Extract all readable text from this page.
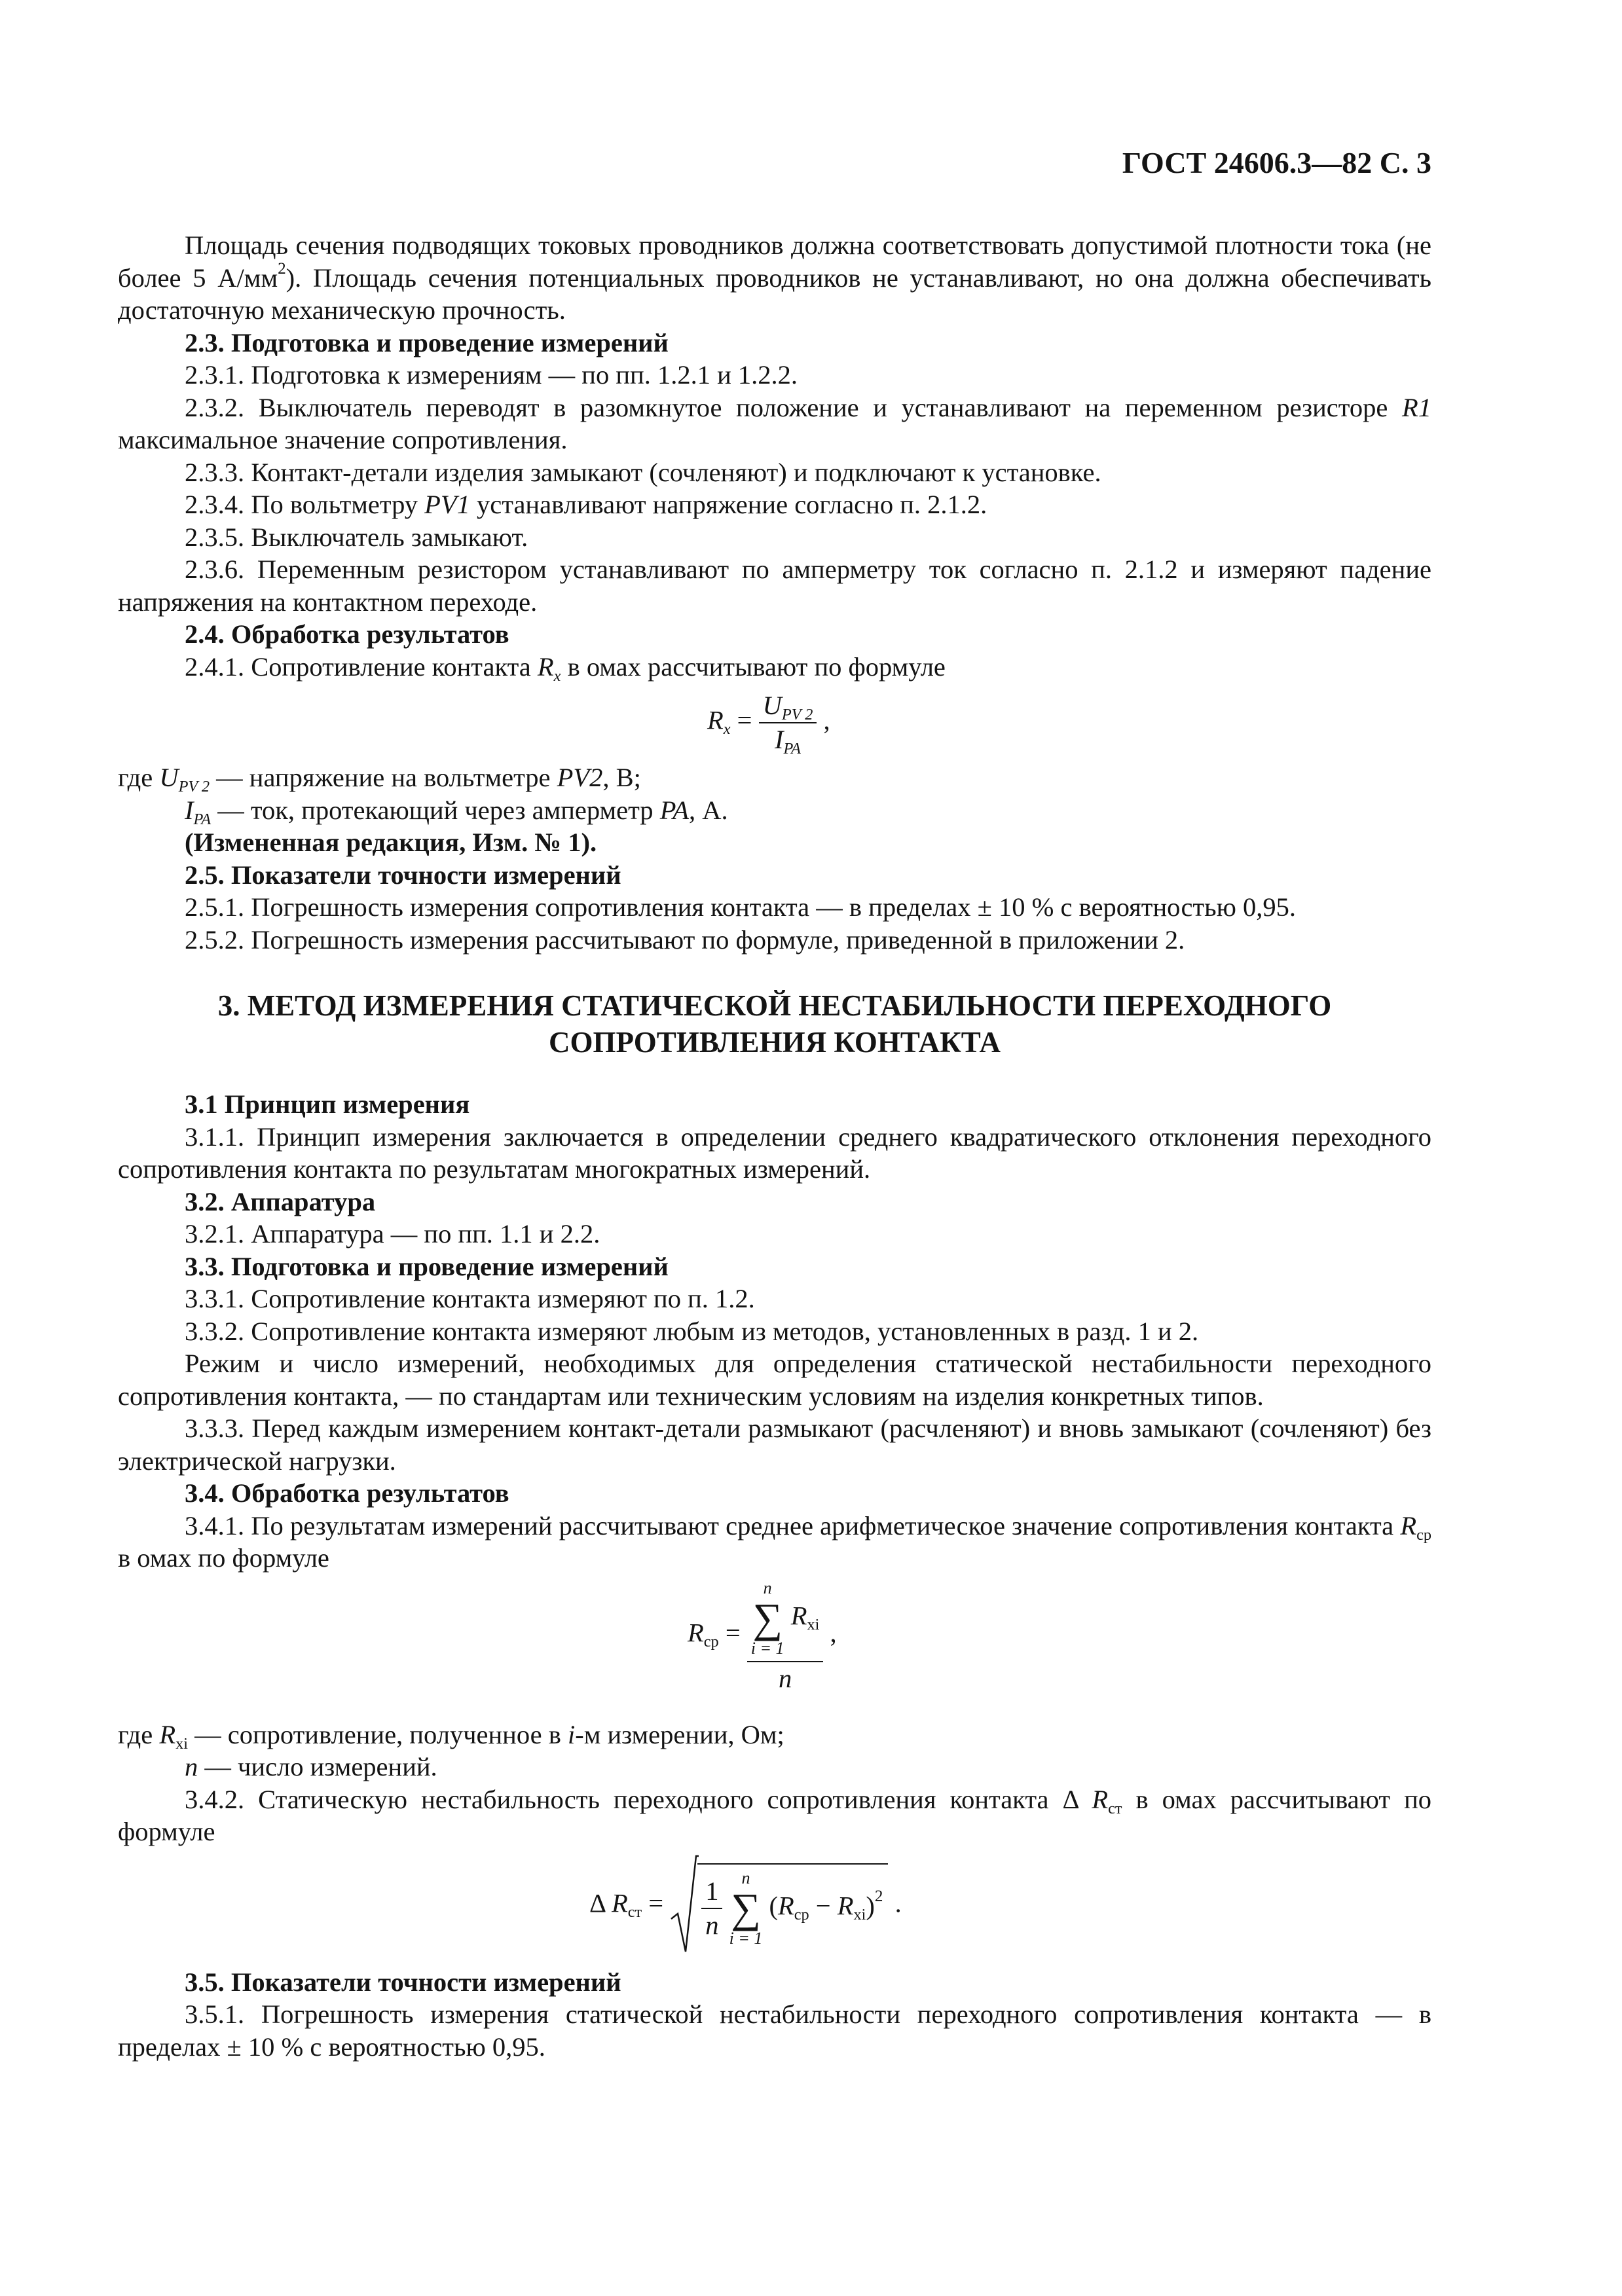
ГОСТ 24606.3—82 С. 3

Площадь сечения подводящих токовых проводников должна соответствовать допустимой плотности тока (не более 5 $А/мм^2$). Площадь сечения потенциальных проводников не устанавливают, но она должна обеспечивать достаточную механическую прочность.

2.3. Подготовка и проведение измерений

2.3.1. Подготовка к измерениям — по пп. 1.2.1 и 1.2.2.

2.3.2. Выключатель переводят в разомкнутое положение и устанавливают на переменном резисторе R1 максимальное значение сопротивления.

2.3.3. Контакт-детали изделия замыкают (сочленяют) и подключают к установке.

2.3.4. По вольтметру PV1 устанавливают напряжение согласно п. 2.1.2.

2.3.5. Выключатель замыкают.

2.3.6. Переменным резистором устанавливают по амперметру ток согласно п. 2.1.2 и измеряют падение напряжения на контактном переходе.

2.4. Обработка результатов

2.4.1. Сопротивление контакта Rx в омах рассчитывают по формуле

$Rx = \frac{\text{UPV 2}}{\text{IPA}}$ ,

где UPV 2 — напряжение на вольтметре PV2, В;

IPA — ток, протекающий через амперметр PA, А.

(Измененная редакция, Изм. № 1).

2.5. Показатели точности измерений

2.5.1. Погрешность измерения сопротивления контакта — в пределах ± 10 % с вероятностью 0,95.

2.5.2. Погрешность измерения рассчитывают по формуле, приведенной в приложении 2.

3. МЕТОД ИЗМЕРЕНИЯ СТАТИЧЕСКОЙ НЕСТАБИЛЬНОСТИ ПЕРЕХОДНОГО
СОПРОТИВЛЕНИЯ КОНТАКТА

3.1 Принцип измерения

3.1.1. Принцип измерения заключается в определении среднего квадратического отклонения переходного сопротивления контакта по результатам многократных измерений.

3.2. Аппаратура

3.2.1. Аппаратура — по пп. 1.1 и 2.2.

3.3. Подготовка и проведение измерений

3.3.1. Сопротивление контакта измеряют по п. 1.2.

3.3.2. Сопротивление контакта измеряют любым из методов, установленных в разд. 1 и 2.

Режим и число измерений, необходимых для определения статической нестабильности переходного сопротивления контакта, — по стандартам или техническим условиям на изделия конкретных типов.

3.3.3. Перед каждым измерением контакт-детали размыкают (расчленяют) и вновь замыкают (сочленяют) без электрической нагрузки.

3.4. Обработка результатов

3.4.1. По результатам измерений рассчитывают среднее арифметическое значение сопротивления контакта $R_{ср}$ в омах по формуле

$R_{ср} = n$
∑
i = 1
$R_{xi}$
n ,

где $R_{xi}$ — сопротивление, полученное в i-м измерении, Ом;

n — число измерений.

3.4.2. Статическую нестабильность переходного сопротивления контакта Δ $R_{ст}$ в омах рассчитывают по формуле

Δ $R_{ст} = \frac{1}{n}$
	n
∑
i = 1
$(R_{ср} - R_{xi})^2$ .

3.5. Показатели точности измерений

3.5.1. Погрешность измерения статической нестабильности переходного сопротивления контакта — в пределах ± 10 % с вероятностью 0,95.
